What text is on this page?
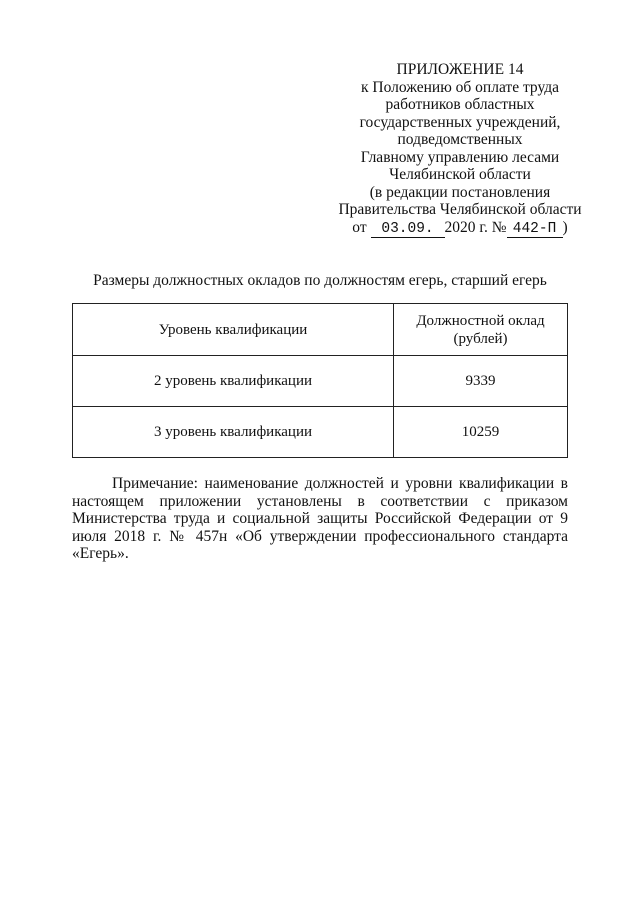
ПРИЛОЖЕНИЕ 14
к Положению об оплате труда
работников областных
государственных учреждений,
подведомственных
Главному управлению лесами
Челябинской области
(в редакции постановления
Правительства Челябинской области
от 03.09. 2020 г. № 442-П )
Размеры должностных окладов по должностям егерь, старший егерь
Уровень квалификации	Должностной оклад (рублей)
2 уровень квалификации	9339
3 уровень квалификации	10259
Примечание: наименование должностей и уровни квалификации в настоящем приложении установлены в соответствии с приказом Министерства труда и социальной защиты Российской Федерации от 9 июля 2018 г. № 457н «Об утверждении профессионального стандарта «Егерь».
